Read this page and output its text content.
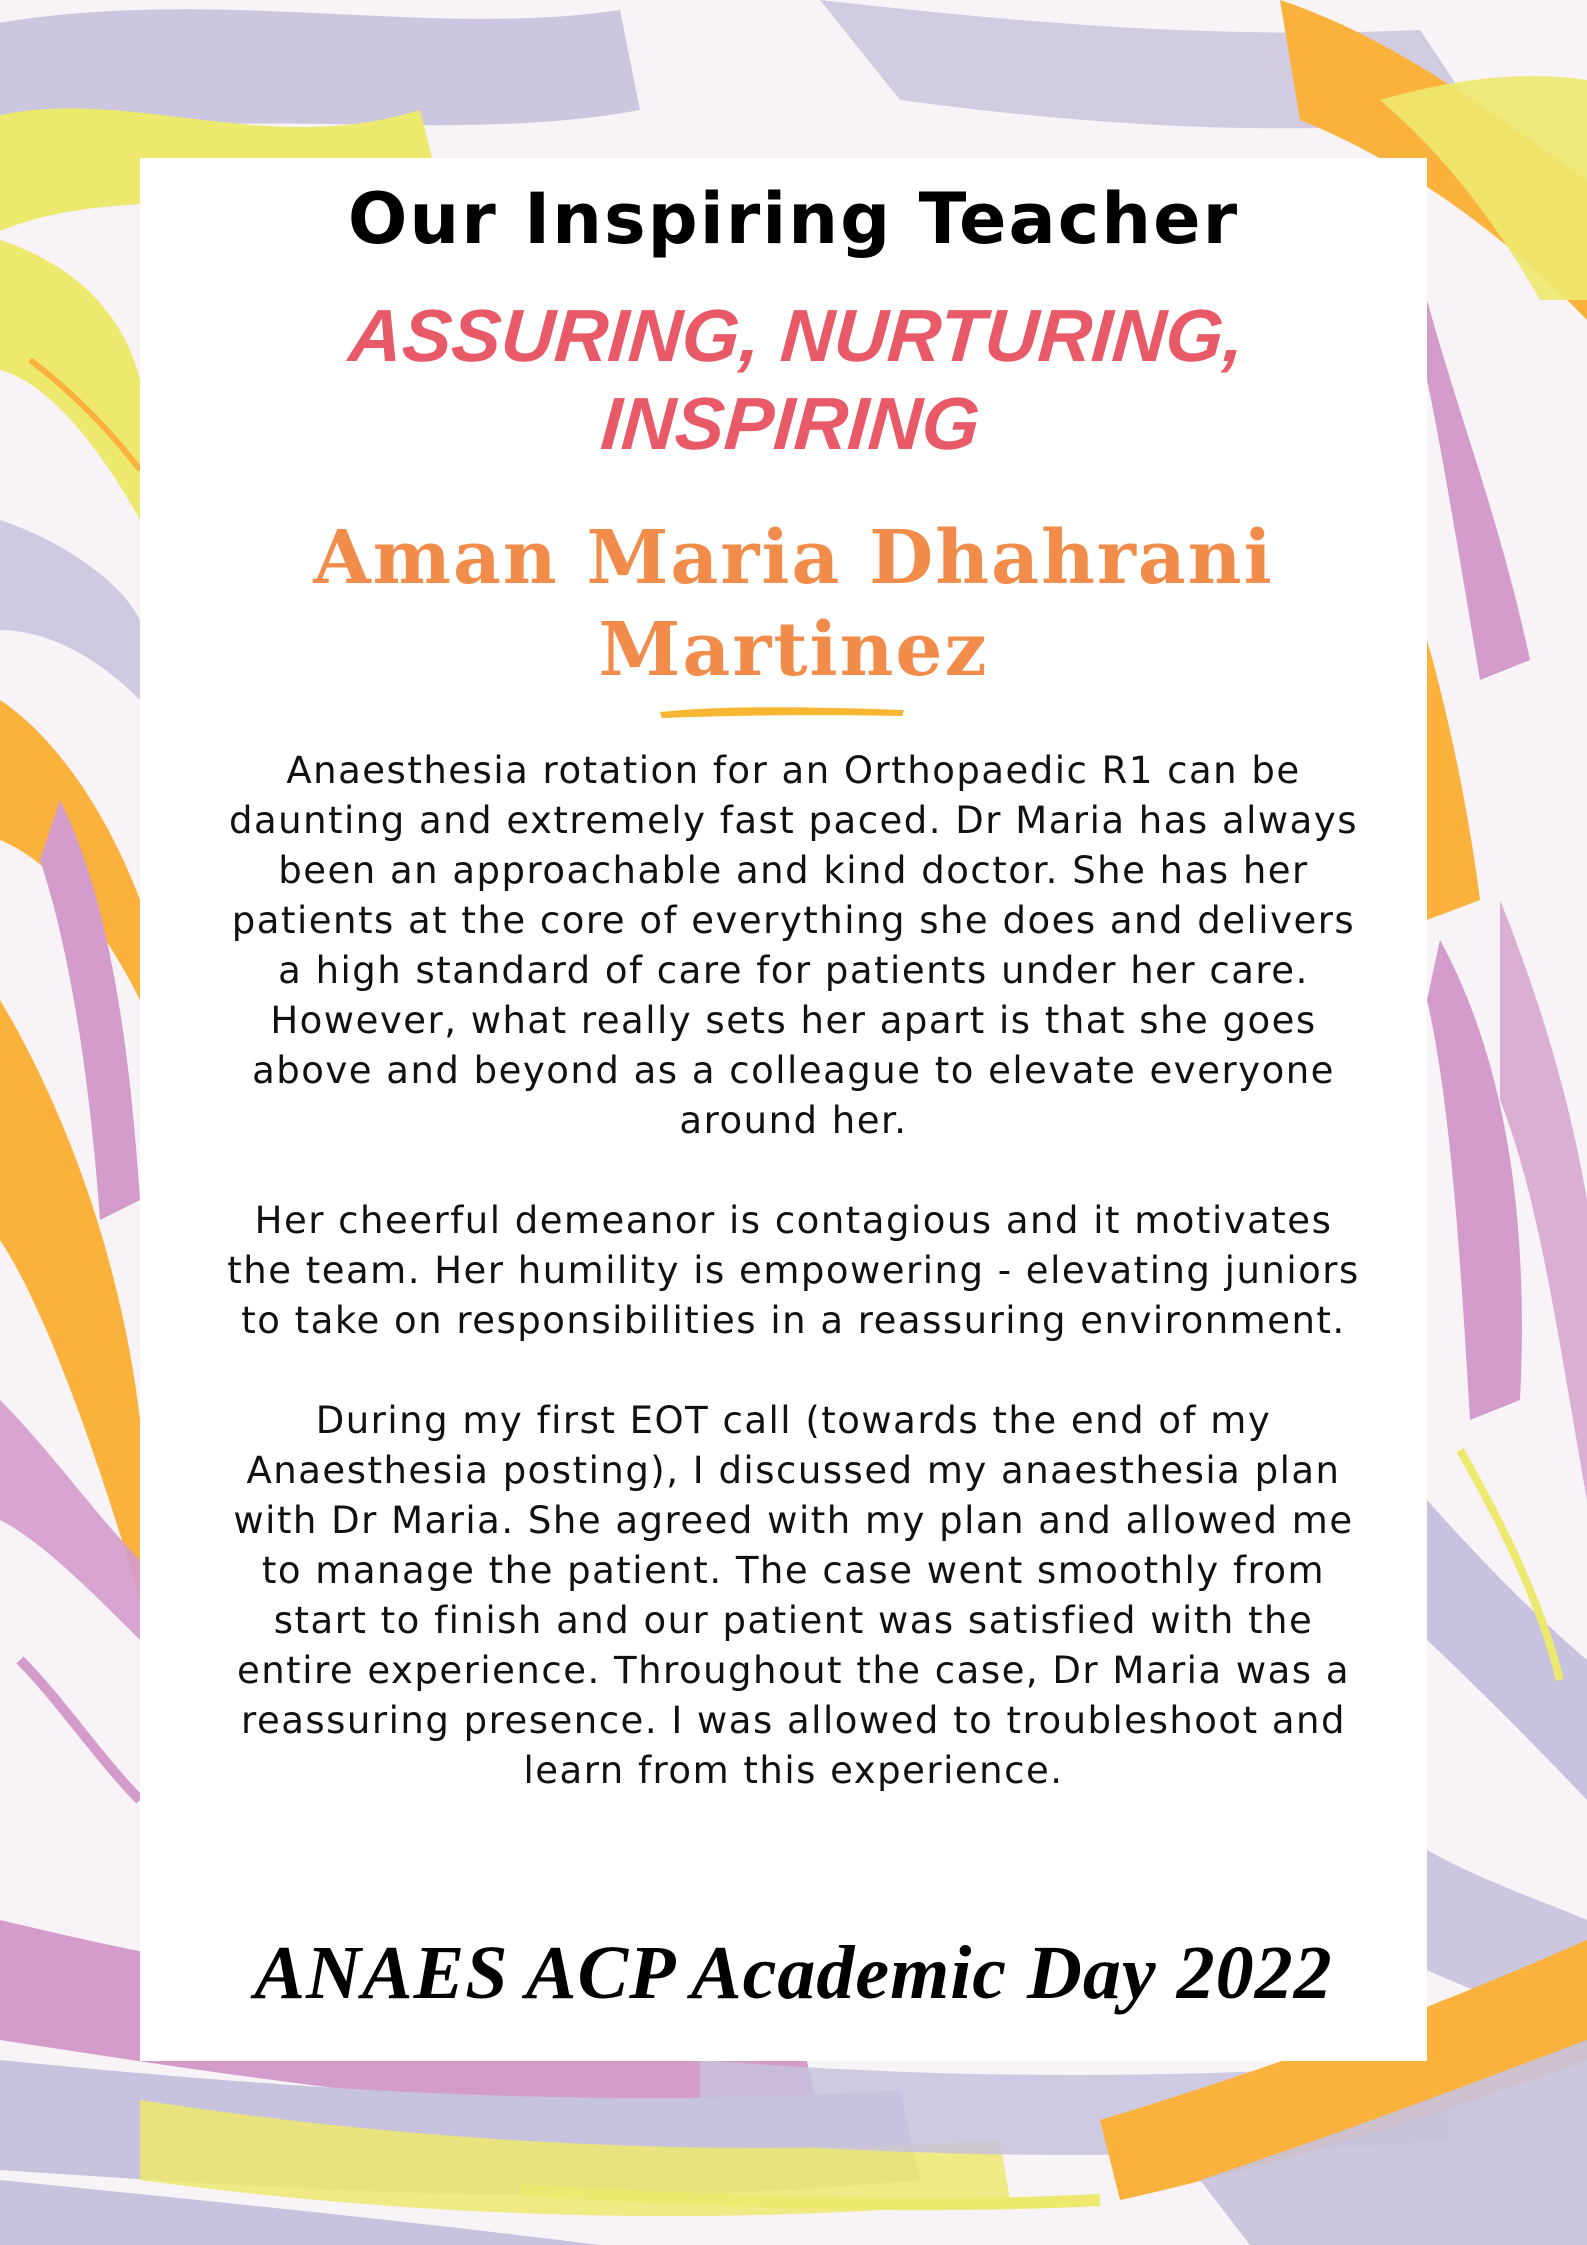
Our Inspiring Teacher
ASSURING, NURTURING,
INSPIRING
Aman Maria Dhahrani
Martinez

Anaesthesia rotation for an Orthopaedic R1 can be daunting and extremely fast paced. Dr Maria has always been an approachable and kind doctor. She has her patients at the core of everything she does and delivers a high standard of care for patients under her care. However, what really sets her apart is that she goes above and beyond as a colleague to elevate everyone around her.

Her cheerful demeanor is contagious and it motivates the team. Her humility is empowering - elevating juniors to take on responsibilities in a reassuring environment.

During my first EOT call (towards the end of my Anaesthesia posting), I discussed my anaesthesia plan with Dr Maria. She agreed with my plan and allowed me to manage the patient. The case went smoothly from start to finish and our patient was satisfied with the entire experience. Throughout the case, Dr Maria was a reassuring presence. I was allowed to troubleshoot and learn from this experience.

ANAES ACP Academic Day 2022
